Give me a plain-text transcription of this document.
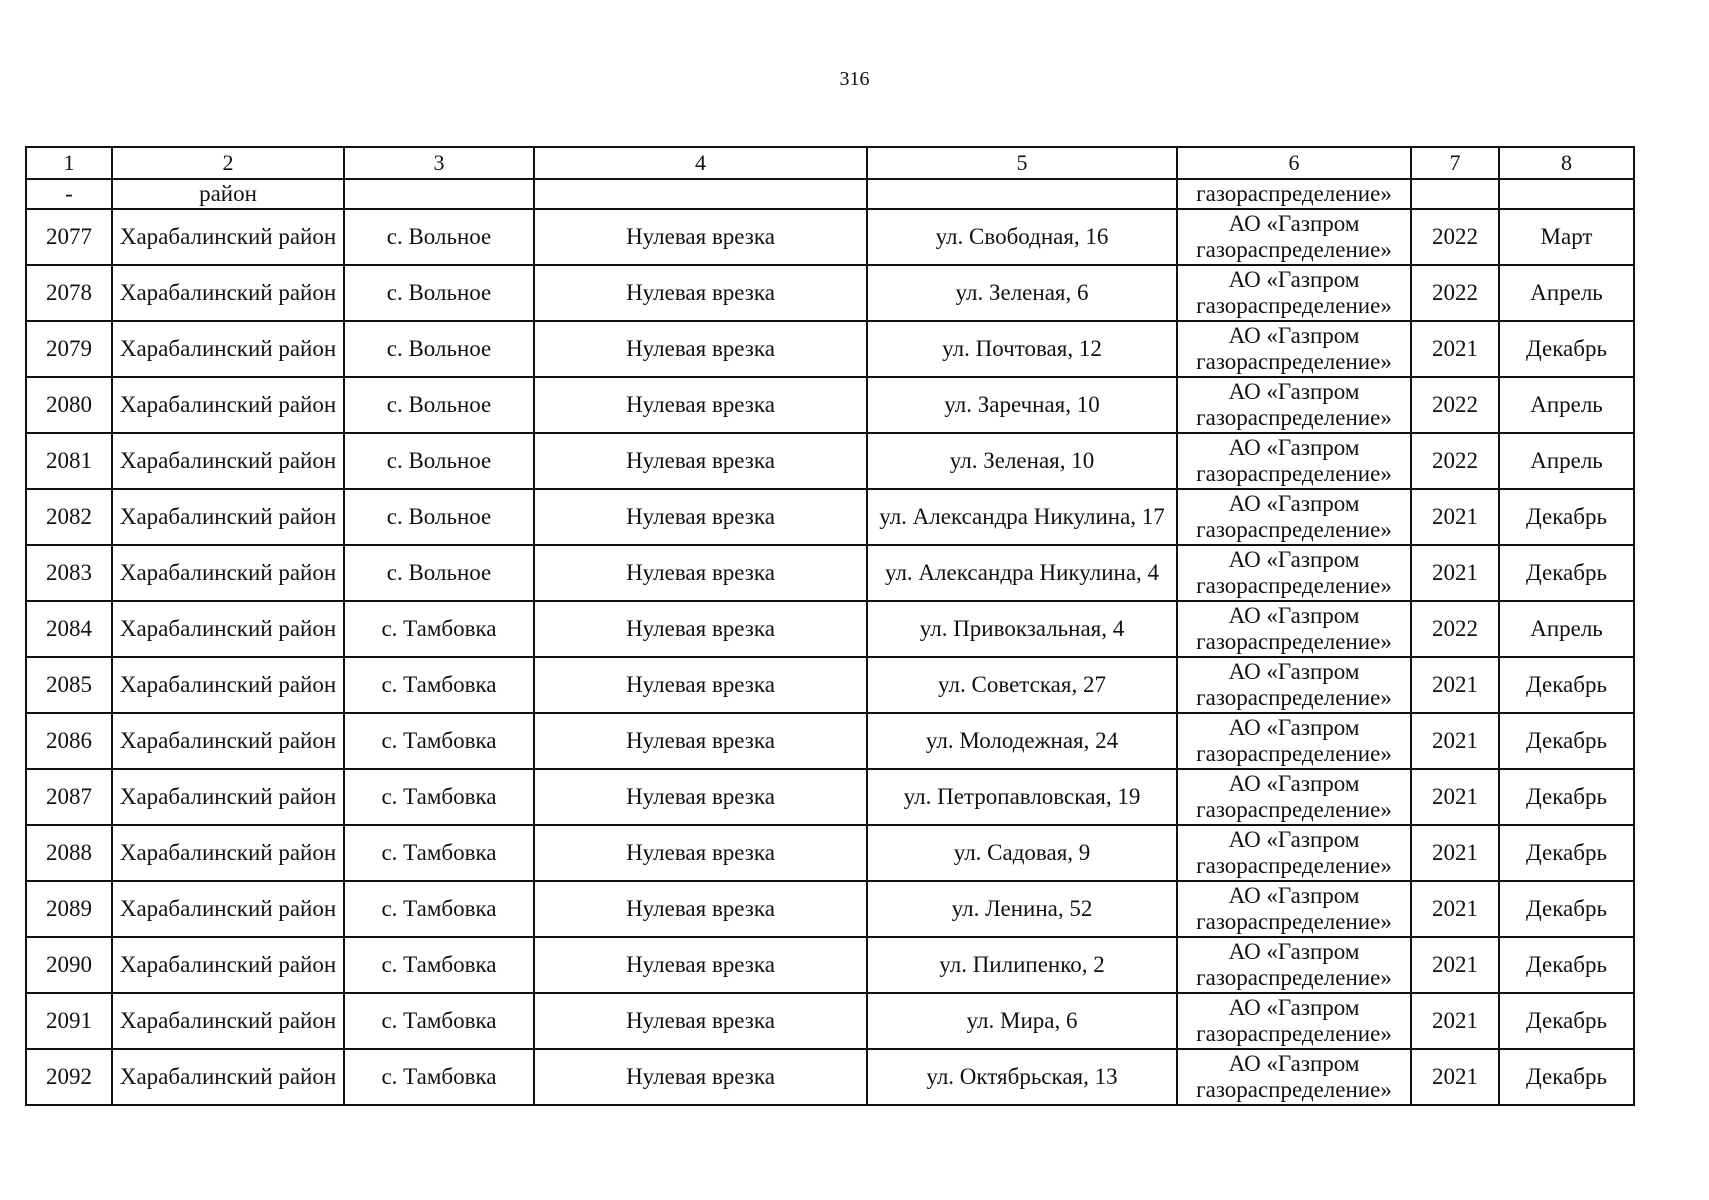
316
1	2	3	4	5	6	7	8
-	район				газораспределение»		
2077	Харабалинский район	с. Вольное	Нулевая врезка	ул. Свободная, 16	АО «Газпром газораспределение»	2022	Март
2078	Харабалинский район	с. Вольное	Нулевая врезка	ул. Зеленая, 6	АО «Газпром газораспределение»	2022	Апрель
2079	Харабалинский район	с. Вольное	Нулевая врезка	ул. Почтовая, 12	АО «Газпром газораспределение»	2021	Декабрь
2080	Харабалинский район	с. Вольное	Нулевая врезка	ул. Заречная, 10	АО «Газпром газораспределение»	2022	Апрель
2081	Харабалинский район	с. Вольное	Нулевая врезка	ул. Зеленая, 10	АО «Газпром газораспределение»	2022	Апрель
2082	Харабалинский район	с. Вольное	Нулевая врезка	ул. Александра Никулина, 17	АО «Газпром газораспределение»	2021	Декабрь
2083	Харабалинский район	с. Вольное	Нулевая врезка	ул. Александра Никулина, 4	АО «Газпром газораспределение»	2021	Декабрь
2084	Харабалинский район	с. Тамбовка	Нулевая врезка	ул. Привокзальная, 4	АО «Газпром газораспределение»	2022	Апрель
2085	Харабалинский район	с. Тамбовка	Нулевая врезка	ул. Советская, 27	АО «Газпром газораспределение»	2021	Декабрь
2086	Харабалинский район	с. Тамбовка	Нулевая врезка	ул. Молодежная, 24	АО «Газпром газораспределение»	2021	Декабрь
2087	Харабалинский район	с. Тамбовка	Нулевая врезка	ул. Петропавловская, 19	АО «Газпром газораспределение»	2021	Декабрь
2088	Харабалинский район	с. Тамбовка	Нулевая врезка	ул. Садовая, 9	АО «Газпром газораспределение»	2021	Декабрь
2089	Харабалинский район	с. Тамбовка	Нулевая врезка	ул. Ленина, 52	АО «Газпром газораспределение»	2021	Декабрь
2090	Харабалинский район	с. Тамбовка	Нулевая врезка	ул. Пилипенко, 2	АО «Газпром газораспределение»	2021	Декабрь
2091	Харабалинский район	с. Тамбовка	Нулевая врезка	ул. Мира, 6	АО «Газпром газораспределение»	2021	Декабрь
2092	Харабалинский район	с. Тамбовка	Нулевая врезка	ул. Октябрьская, 13	АО «Газпром газораспределение»	2021	Декабрь
